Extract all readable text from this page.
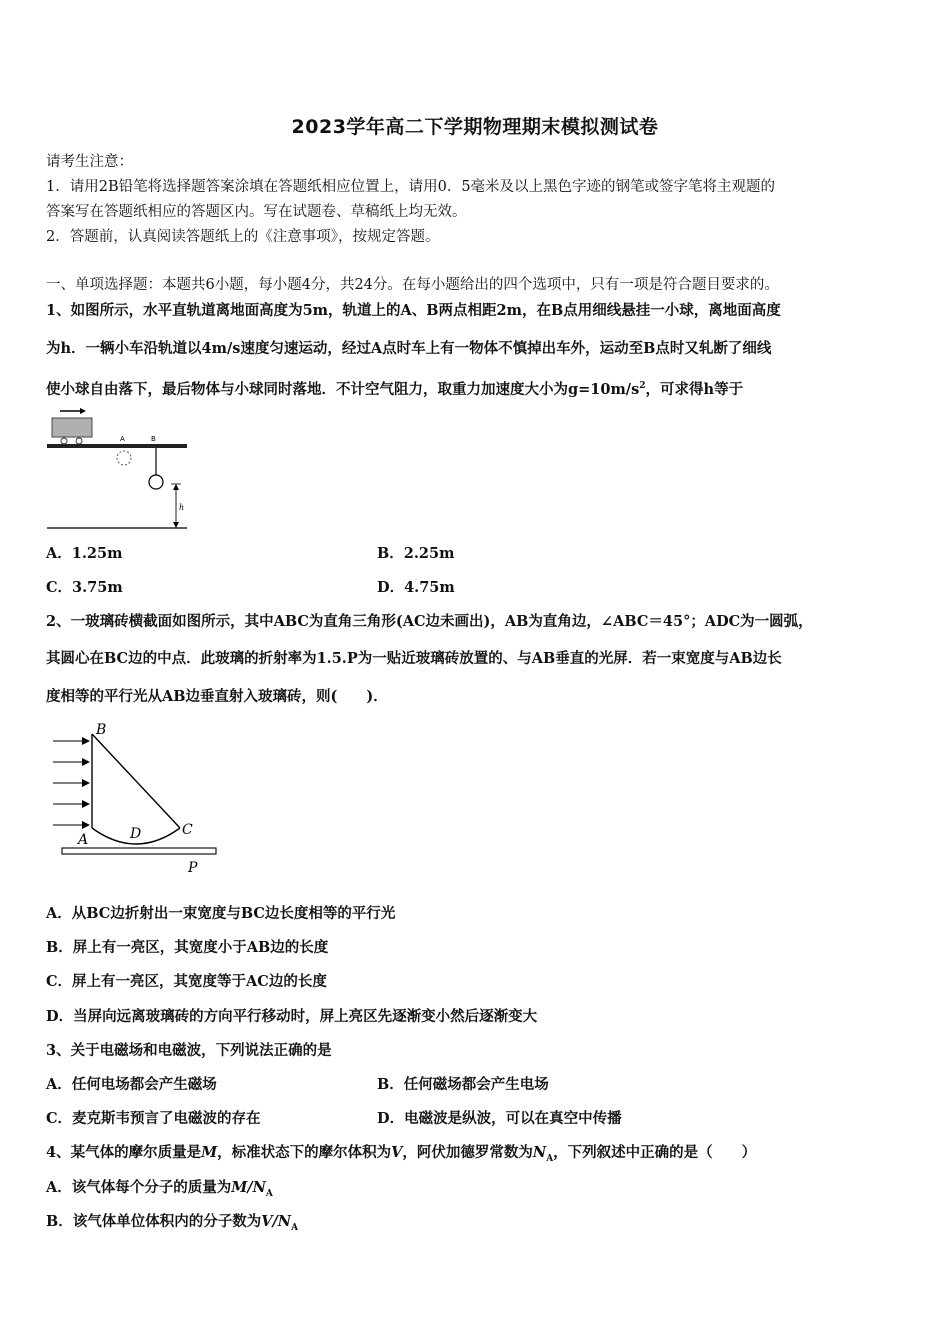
2023学年高二下学期物理期末模拟测试卷
请考生注意：
1．请用2B铅笔将选择题答案涂填在答题纸相应位置上，请用0．5毫米及以上黑色字迹的钢笔或签字笔将主观题的
答案写在答题纸相应的答题区内。写在试题卷、草稿纸上均无效。
2．答题前，认真阅读答题纸上的《注意事项》，按规定答题。
一、单项选择题：本题共6小题，每小题4分，共24分。在每小题给出的四个选项中，只有一项是符合题目要求的。
1、如图所示，水平直轨道离地面高度为5m，轨道上的A、B两点相距2m，在B点用细线悬挂一小球，离地面高度
为h．一辆小车沿轨道以4m/s速度匀速运动，经过A点时车上有一物体不慎掉出车外，运动至B点时又轧断了细线
使小球自由落下，最后物体与小球同时落地．不计空气阻力，取重力加速度大小为$g=10m/s^2$，可求得h等于
A	B
h
A．1.25m	B．2.25m
C．3.75m	D．4.75m
2、一玻璃砖横截面如图所示，其中ABC为直角三角形(AC边未画出)，AB为直角边，∠ABC＝45°；ADC为一圆弧，
其圆心在BC边的中点．此玻璃的折射率为1.5.P为一贴近玻璃砖放置的、与AB垂直的光屏．若一束宽度与AB边长
度相等的平行光从AB边垂直射入玻璃砖，则(　　)．
B
A	D	C
P
A．从BC边折射出一束宽度与BC边长度相等的平行光
B．屏上有一亮区，其宽度小于AB边的长度
C．屏上有一亮区，其宽度等于AC边的长度
D．当屏向远离玻璃砖的方向平行移动时，屏上亮区先逐渐变小然后逐渐变大
3、关于电磁场和电磁波，下列说法正确的是
A．任何电场都会产生磁场	B．任何磁场都会产生电场
C．麦克斯韦预言了电磁波的存在	D．电磁波是纵波，可以在真空中传播
4、某气体的摩尔质量是M，标准状态下的摩尔体积为V，阿伏加德罗常数为$N_A$，下列叙述中正确的是（　　）
A．该气体每个分子的质量为$M/N_A$
B．该气体单位体积内的分子数为$V/N_A$
